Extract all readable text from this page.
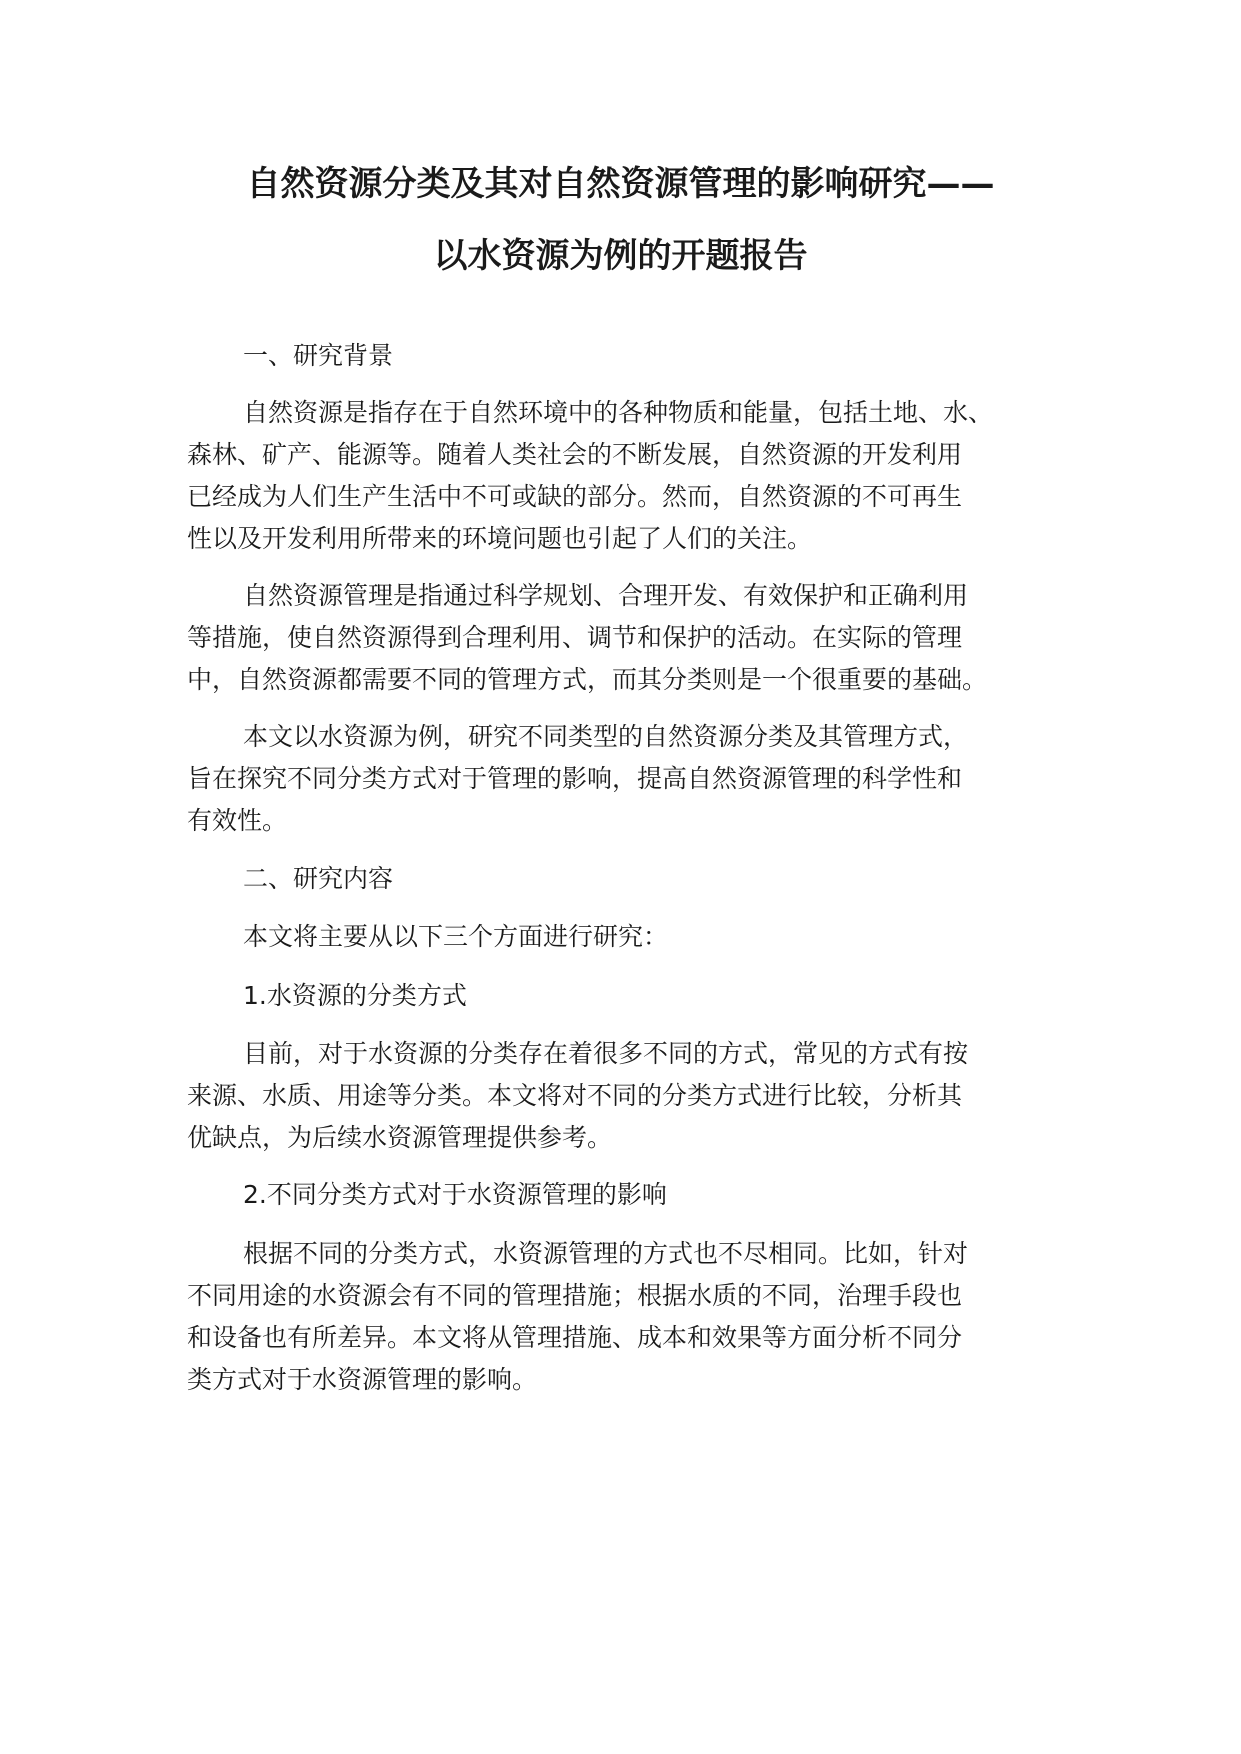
自然资源分类及其对自然资源管理的影响研究——
以水资源为例的开题报告
一、研究背景
自然资源是指存在于自然环境中的各种物质和能量，包括土地、水、
森林、矿产、能源等。随着人类社会的不断发展，自然资源的开发利用
已经成为人们生产生活中不可或缺的部分。然而，自然资源的不可再生
性以及开发利用所带来的环境问题也引起了人们的关注。
自然资源管理是指通过科学规划、合理开发、有效保护和正确利用
等措施，使自然资源得到合理利用、调节和保护的活动。在实际的管理
中，自然资源都需要不同的管理方式，而其分类则是一个很重要的基础。
本文以水资源为例，研究不同类型的自然资源分类及其管理方式，
旨在探究不同分类方式对于管理的影响，提高自然资源管理的科学性和
有效性。
二、研究内容
本文将主要从以下三个方面进行研究：
1.水资源的分类方式
目前，对于水资源的分类存在着很多不同的方式，常见的方式有按
来源、水质、用途等分类。本文将对不同的分类方式进行比较，分析其
优缺点，为后续水资源管理提供参考。
2.不同分类方式对于水资源管理的影响
根据不同的分类方式，水资源管理的方式也不尽相同。比如，针对
不同用途的水资源会有不同的管理措施；根据水质的不同，治理手段也
和设备也有所差异。本文将从管理措施、成本和效果等方面分析不同分
类方式对于水资源管理的影响。
